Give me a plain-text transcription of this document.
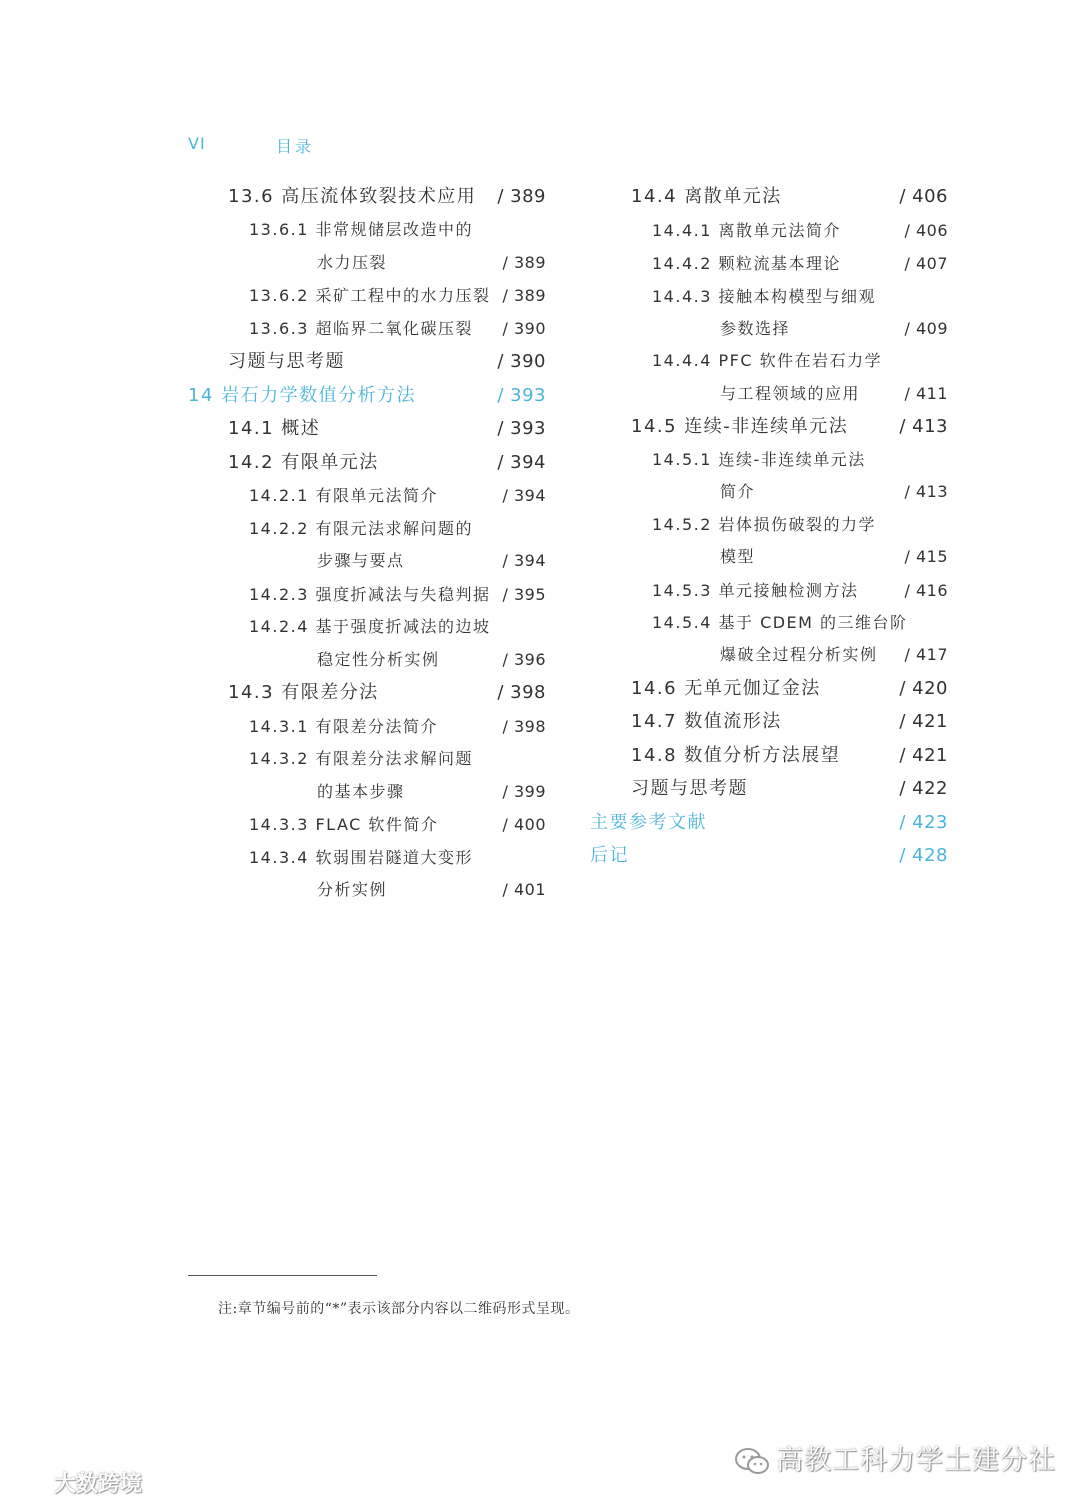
VI	目录
13.6 高压流体致裂技术应用 / 389
13.6.1 非常规储层改造中的
水力压裂	/ 389
13.6.2 采矿工程中的水力压裂 / 389
13.6.3 超临界二氧化碳压裂 / 390
习题与思考题	/ 390
14 岩石力学数值分析方法	/ 393
14.1 概述	/ 393
14.2 有限单元法	/ 394
14.2.1 有限单元法简介	/ 394
14.2.2 有限元法求解问题的
步骤与要点	/ 394
14.2.3 强度折减法与失稳判据 / 395
14.2.4 基于强度折减法的边坡
稳定性分析实例	/ 396
14.3 有限差分法	/ 398
14.3.1 有限差分法简介	/ 398
14.3.2 有限差分法求解问题
的基本步骤	/ 399
14.3.3 FLAC 软件简介	/ 400
14.3.4 软弱围岩隧道大变形
分析实例	/ 401
14.4 离散单元法	/ 406
14.4.1 离散单元法简介	/ 406
14.4.2 颗粒流基本理论	/ 407
14.4.3 接触本构模型与细观
参数选择	/ 409
14.4.4 PFC 软件在岩石力学
与工程领域的应用	/ 411
14.5 连续-非连续单元法	/ 413
14.5.1 连续-非连续单元法
简介	/ 413
14.5.2 岩体损伤破裂的力学
模型	/ 415
14.5.3 单元接触检测方法	/ 416
14.5.4 基于 CDEM 的三维台阶
爆破全过程分析实例 / 417
14.6 无单元伽辽金法	/ 420
14.7 数值流形法	/ 421
14.8 数值分析方法展望	/ 421
习题与思考题	/ 422
主要参考文献	/ 423
后记	/ 428
注:章节编号前的“*”表示该部分内容以二维码形式呈现。
大数跨境
高教工科力学土建分社
